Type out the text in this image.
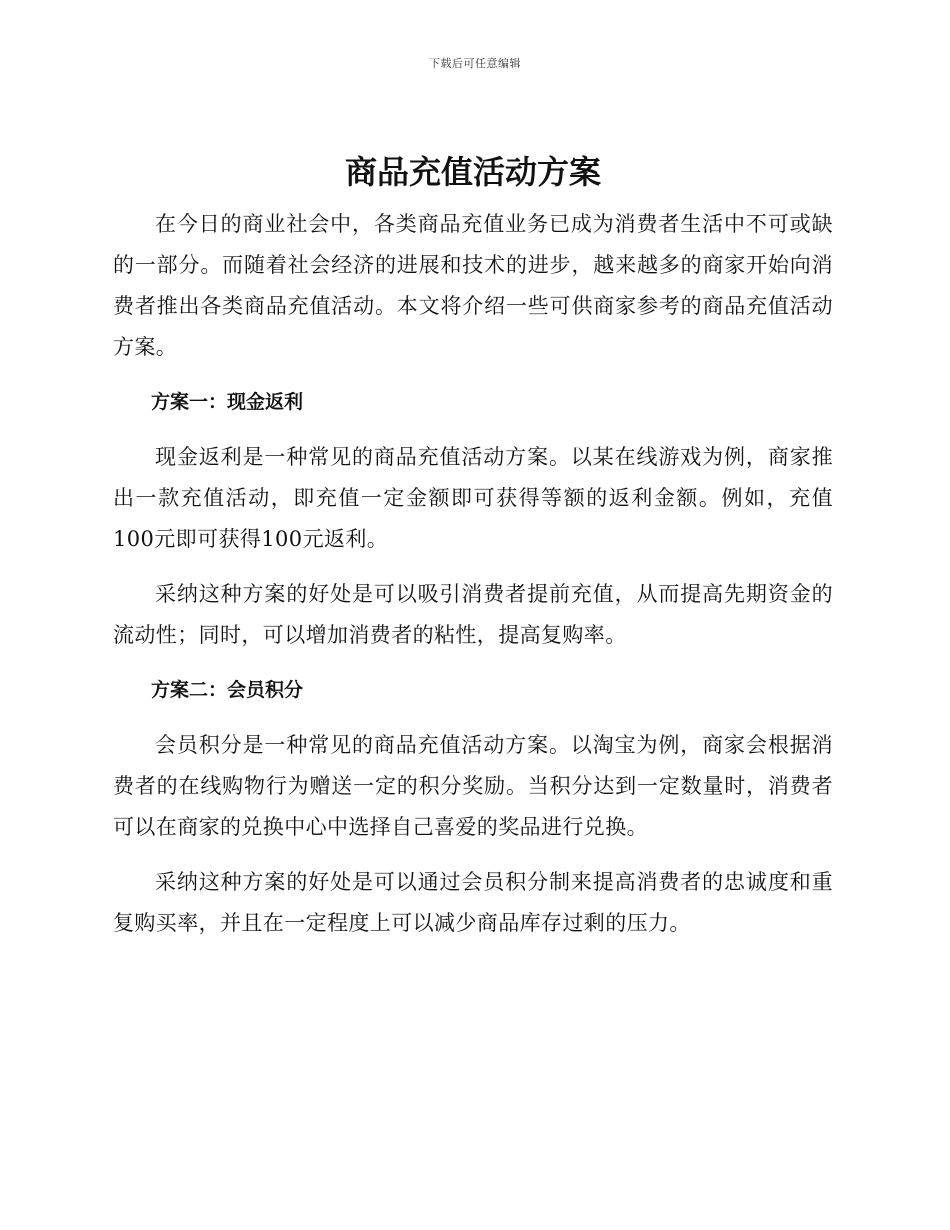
下载后可任意编辑
商品充值活动方案

在今日的商业社会中，各类商品充值业务已成为消费者生活中不可或缺的一部分。而随着社会经济的进展和技术的进步，越来越多的商家开始向消费者推出各类商品充值活动。本文将介绍一些可供商家参考的商品充值活动方案。

方案一：现金返利

现金返利是一种常见的商品充值活动方案。以某在线游戏为例，商家推出一款充值活动，即充值一定金额即可获得等额的返利金额。例如，充值100元即可获得100元返利。

采纳这种方案的好处是可以吸引消费者提前充值，从而提高先期资金的流动性；同时，可以增加消费者的粘性，提高复购率。

方案二：会员积分

会员积分是一种常见的商品充值活动方案。以淘宝为例，商家会根据消费者的在线购物行为赠送一定的积分奖励。当积分达到一定数量时，消费者可以在商家的兑换中心中选择自己喜爱的奖品进行兑换。

采纳这种方案的好处是可以通过会员积分制来提高消费者的忠诚度和重复购买率，并且在一定程度上可以减少商品库存过剩的压力。
